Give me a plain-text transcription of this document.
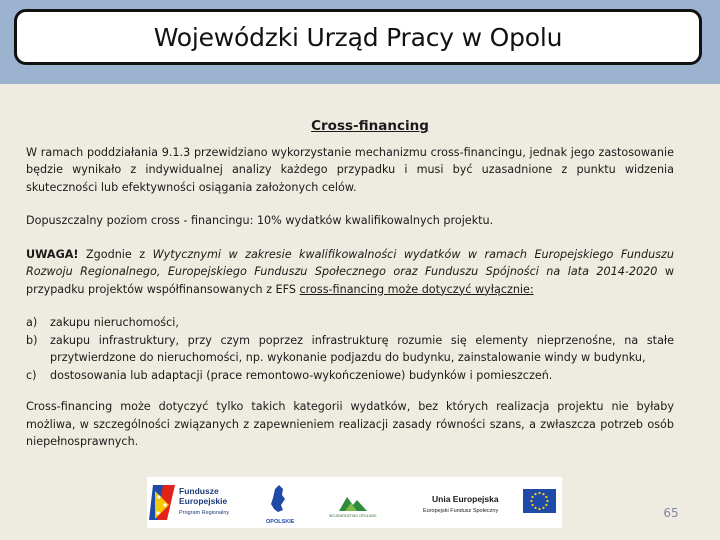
Wojewódzki Urząd Pracy w Opolu
Cross-financing

W ramach poddziałania 9.1.3 przewidziano wykorzystanie mechanizmu cross-financingu, jednak jego zastosowanie będzie wynikało z indywidualnej analizy każdego przypadku i musi być uzasadnione z punktu widzenia skuteczności lub efektywności osiągania założonych celów.

Dopuszczalny poziom cross - financingu: 10% wydatków kwalifikowalnych projektu.

UWAGA! Zgodnie z Wytycznymi w zakresie kwalifikowalności wydatków w ramach Europejskiego Funduszu Rozwoju Regionalnego, Europejskiego Funduszu Społecznego oraz Funduszu Spójności na lata 2014-2020 w przypadku projektów współfinansowanych z EFS cross-financing może dotyczyć wyłącznie:

a)	zakupu nieruchomości,
b)	zakupu infrastruktury, przy czym poprzez infrastrukturę rozumie się elementy nieprzenośne, na stałe przytwierdzone do nieruchomości, np. wykonanie podjazdu do budynku, zainstalowanie windy w budynku,
c)	dostosowania lub adaptacji (prace remontowo-wykończeniowe) budynków i pomieszczeń.

Cross-financing może dotyczyć tylko takich kategorii wydatków, bez których realizacja projektu nie byłaby możliwa, w szczególności związanych z zapewnieniem realizacji zasady równości szans, a zwłaszcza potrzeb osób niepełnosprawnych.

Fundusze
Europejskie
Program Regionalny
OPOLSKIE
WOJEWÓDZTWO OPOLSKIE
Unia Europejska
Europejski Fundusz Społeczny	65
